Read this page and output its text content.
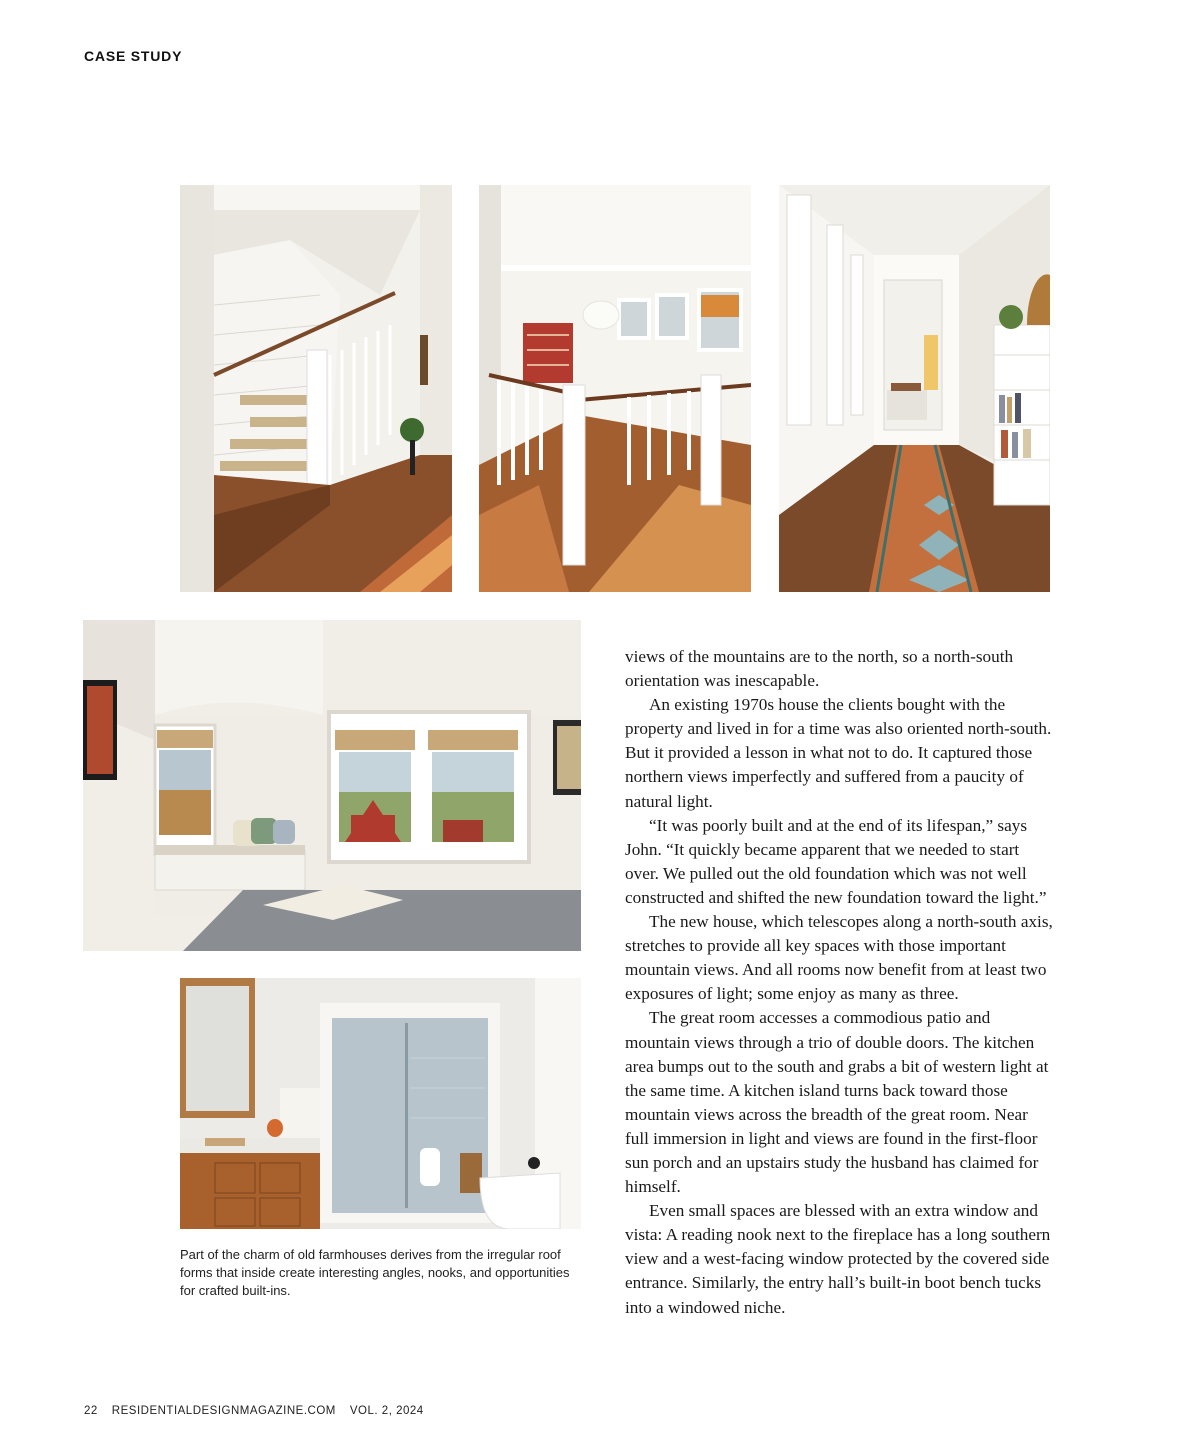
CASE STUDY
Part of the charm of old farmhouses derives from the irregular roof forms that inside create interesting angles, nooks, and opportunities for crafted built-ins.

views of the mountains are to the north, so a north-south orientation was inescapable.

An existing 1970s house the clients bought with the property and lived in for a time was also oriented north-south. But it provided a lesson in what not to do. It captured those northern views imperfectly and suffered from a paucity of natural light.

“It was poorly built and at the end of its lifespan,” says John. “It quickly became apparent that we needed to start over. We pulled out the old foundation which was not well constructed and shifted the new foundation toward the light.”

The new house, which telescopes along a north-south axis, stretches to provide all key spaces with those important mountain views. And all rooms now benefit from at least two exposures of light; some enjoy as many as three.

The great room accesses a commodious patio and mountain views through a trio of double doors. The kitchen area bumps out to the south and grabs a bit of western light at the same time. A kitchen island turns back toward those mountain views across the breadth of the great room. Near full immersion in light and views are found in the first-floor sun porch and an upstairs study the husband has claimed for himself.

Even small spaces are blessed with an extra window and vista: A reading nook next to the fireplace has a long southern view and a west-facing window protected by the covered side entrance. Similarly, the entry hall’s built-in boot bench tucks into a windowed niche.

22 RESIDENTIALDESIGNMAGAZINE.COM VOL. 2, 2024
